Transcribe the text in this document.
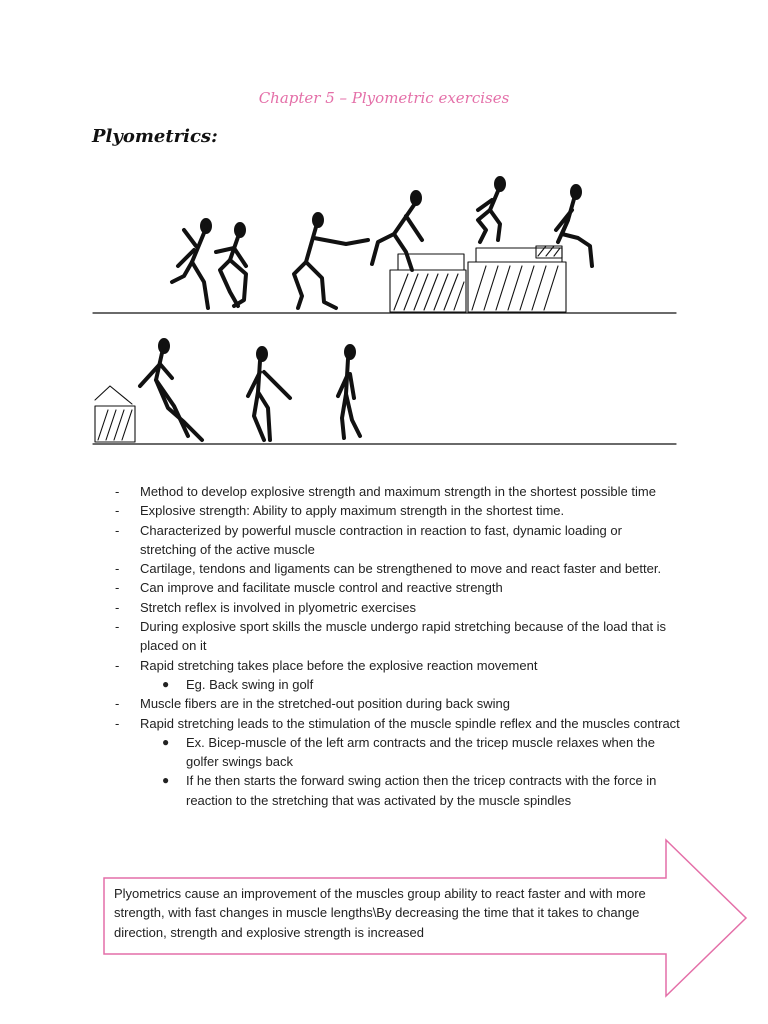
Chapter 5 – Plyometric exercises
Plyometrics:
- Method to develop explosive strength and maximum strength in the shortest possible time
- Explosive strength: Ability to apply maximum strength in the shortest time.
- Characterized by powerful muscle contraction in reaction to fast, dynamic loading or stretching of the active muscle
- Cartilage, tendons and ligaments can be strengthened to move and react faster and better.
- Can improve and facilitate muscle control and reactive strength
- Stretch reflex is involved in plyometric exercises
- During explosive sport skills the muscle undergo rapid stretching because of the load that is placed on it
- Rapid stretching takes place before the explosive reaction movement
● Eg. Back swing in golf
- Muscle fibers are in the stretched-out position during back swing
- Rapid stretching leads to the stimulation of the muscle spindle reflex and the muscles contract
● Ex. Bicep-muscle of the left arm contracts and the tricep muscle relaxes when the golfer swings back
● If he then starts the forward swing action then the tricep contracts with the force in reaction to the stretching that was activated by the muscle spindles
Plyometrics cause an improvement of the muscles group ability to react faster and with more strength, with fast changes in muscle lengths\By decreasing the time that it takes to change direction, strength and explosive strength is increased
